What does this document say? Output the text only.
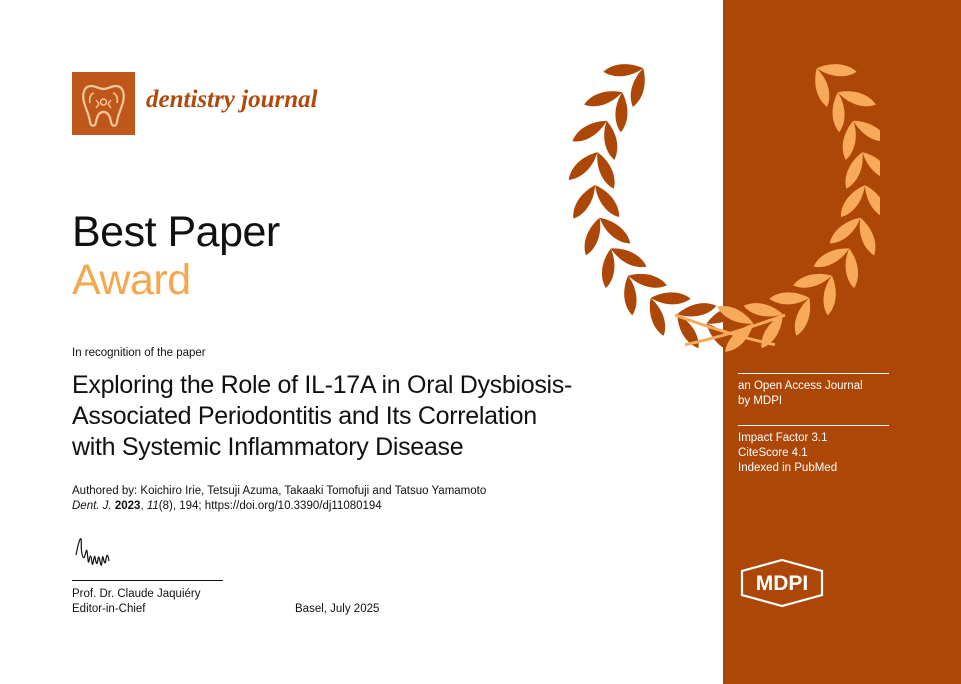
dentistry journal
Best Paper
Award
In recognition of the paper
Exploring the Role of IL-17A in Oral Dysbiosis-
Associated Periodontitis and Its Correlation
with Systemic Inflammatory Disease
Authored by: Koichiro Irie, Tetsuji Azuma, Takaaki Tomofuji and Tatsuo Yamamoto
Dent. J. 2023, 11(8), 194; https://doi.org/10.3390/dj11080194
Prof. Dr. Claude Jaquiéry
Editor-in-Chief	Basel, July 2025
an Open Access Journal
by MDPI
Impact Factor 3.1
CiteScore 4.1
Indexed in PubMed
MDPI
